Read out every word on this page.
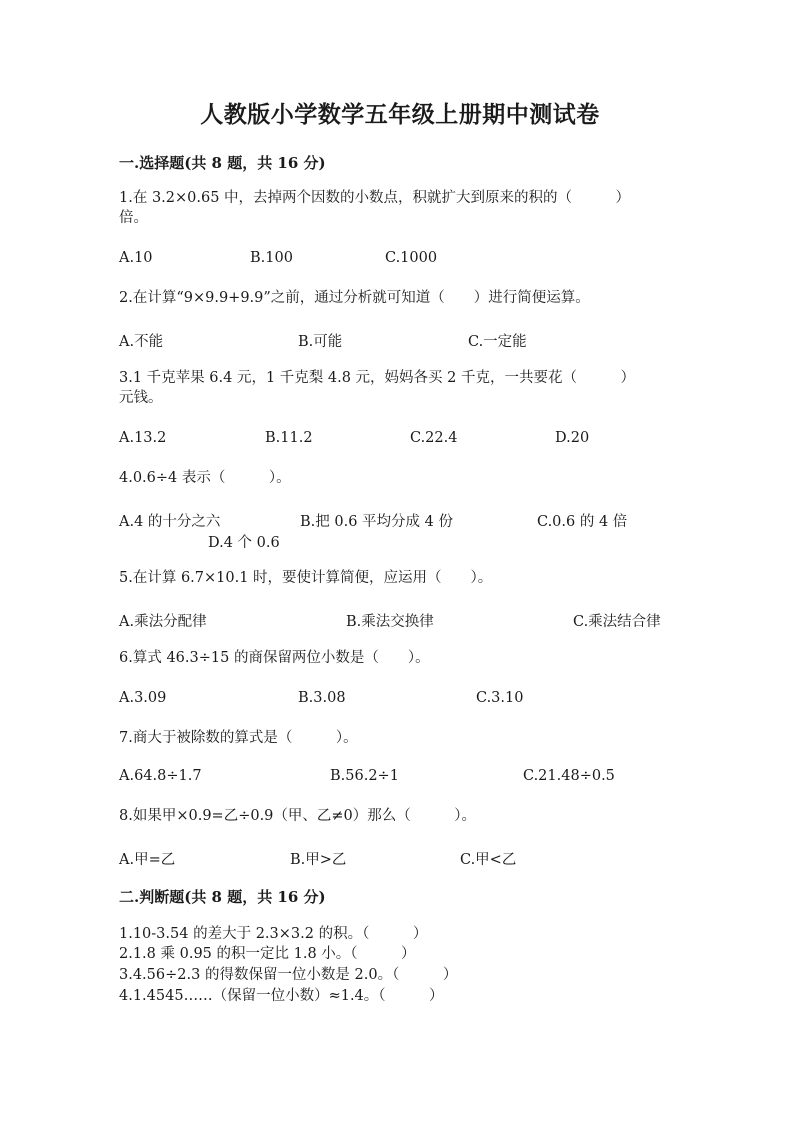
人教版小学数学五年级上册期中测试卷
一.选择题(共 8 题，共 16 分)
1.在 3.2×0.65 中，去掉两个因数的小数点，积就扩大到原来的积的（　　　）
倍。
A.10	B.100	C.1000
2.在计算“9×9.9+9.9”之前，通过分析就可知道（　　）进行简便运算。
A.不能	B.可能	C.一定能
3.1 千克苹果 6.4 元，1 千克梨 4.8 元，妈妈各买 2 千克，一共要花（　　　）
元钱。
A.13.2	B.11.2	C.22.4	D.20
4.0.6÷4 表示（　　　）。
A.4 的十分之六	B.把 0.6 平均分成 4 份	C.0.6 的 4 倍
D.4 个 0.6
5.在计算 6.7×10.1 时，要使计算简便，应运用（　　）。
A.乘法分配律	B.乘法交换律	C.乘法结合律
6.算式 46.3÷15 的商保留两位小数是（　　）。
A.3.09	B.3.08	C.3.10
7.商大于被除数的算式是（　　　）。
A.64.8÷1.7	B.56.2÷1	C.21.48÷0.5
8.如果甲×0.9=乙÷0.9（甲、乙≠0）那么（　　　）。
A.甲=乙	B.甲>乙	C.甲<乙
二.判断题(共 8 题，共 16 分)
1.10-3.54 的差大于 2.3×3.2 的积。（　　　）
2.1.8 乘 0.95 的积一定比 1.8 小。（　　　）
3.4.56÷2.3 的得数保留一位小数是 2.0。（　　　）
4.1.4545……（保留一位小数）≈1.4。（　　　）
